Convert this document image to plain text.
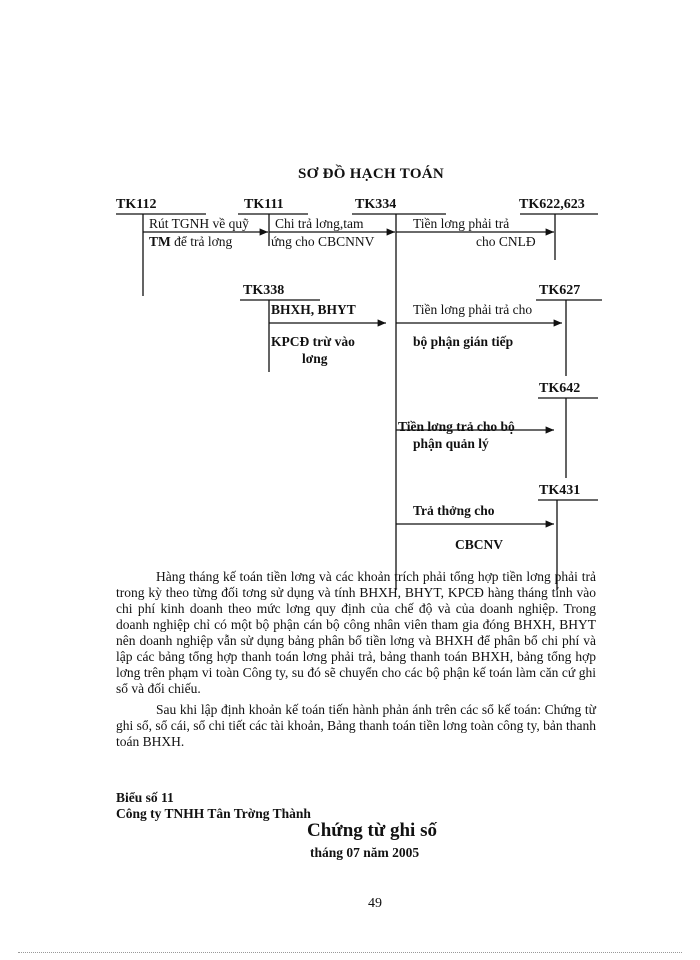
SƠ ĐỒ HẠCH TOÁN
TK112	TK111	TK334	TK622,623
TK338	TK627
TK642
TK431
Rút TGNH về quỹ
TM để trả lơng
Chi trả lơng,tam
ứng cho CBCNNV
Tiền lơng phải trả
cho CNLĐ
BHXH, BHYT
KPCĐ trừ vào
lơng
Tiền lơng phải trả cho
bộ phận gián tiếp
Tiền lơng trả cho bộ
phận quản lý
Trả thởng cho
CBCNV

Hàng tháng kế toán tiền lơng và các khoản trích phải tổng hợp tiền lơng phải trả trong kỳ theo từng đối tơng sử dụng và tính BHXH, BHYT, KPCĐ hàng tháng tính vào chi phí kinh doanh theo mức lơng quy định của chế độ và của doanh nghiệp. Trong doanh nghiệp chỉ có một bộ phận cán bộ công nhân viên tham gia đóng BHXH, BHYT nên doanh nghiệp vẫn sử dụng bảng phân bổ tiền lơng và BHXH để phân bổ chi phí và lập các bảng tổng hợp thanh toán lơng phải trả, bảng thanh toán BHXH, bảng tổng hợp lơng trên phạm vi toàn Công ty, su đó sẽ chuyển cho các bộ phận kế toán làm căn cứ ghi sổ và đối chiếu.

Sau khi lập định khoản kế toán tiến hành phản ánh trên các sổ kế toán: Chứng từ ghi sổ, sổ cái, sổ chi tiết các tài khoản, Bảng thanh toán tiền lơng toàn công ty, bản thanh toán BHXH.

Biểu số 11
Công ty TNHH Tân Trờng Thành
Chứng từ ghi số
tháng 07 năm 2005
49
